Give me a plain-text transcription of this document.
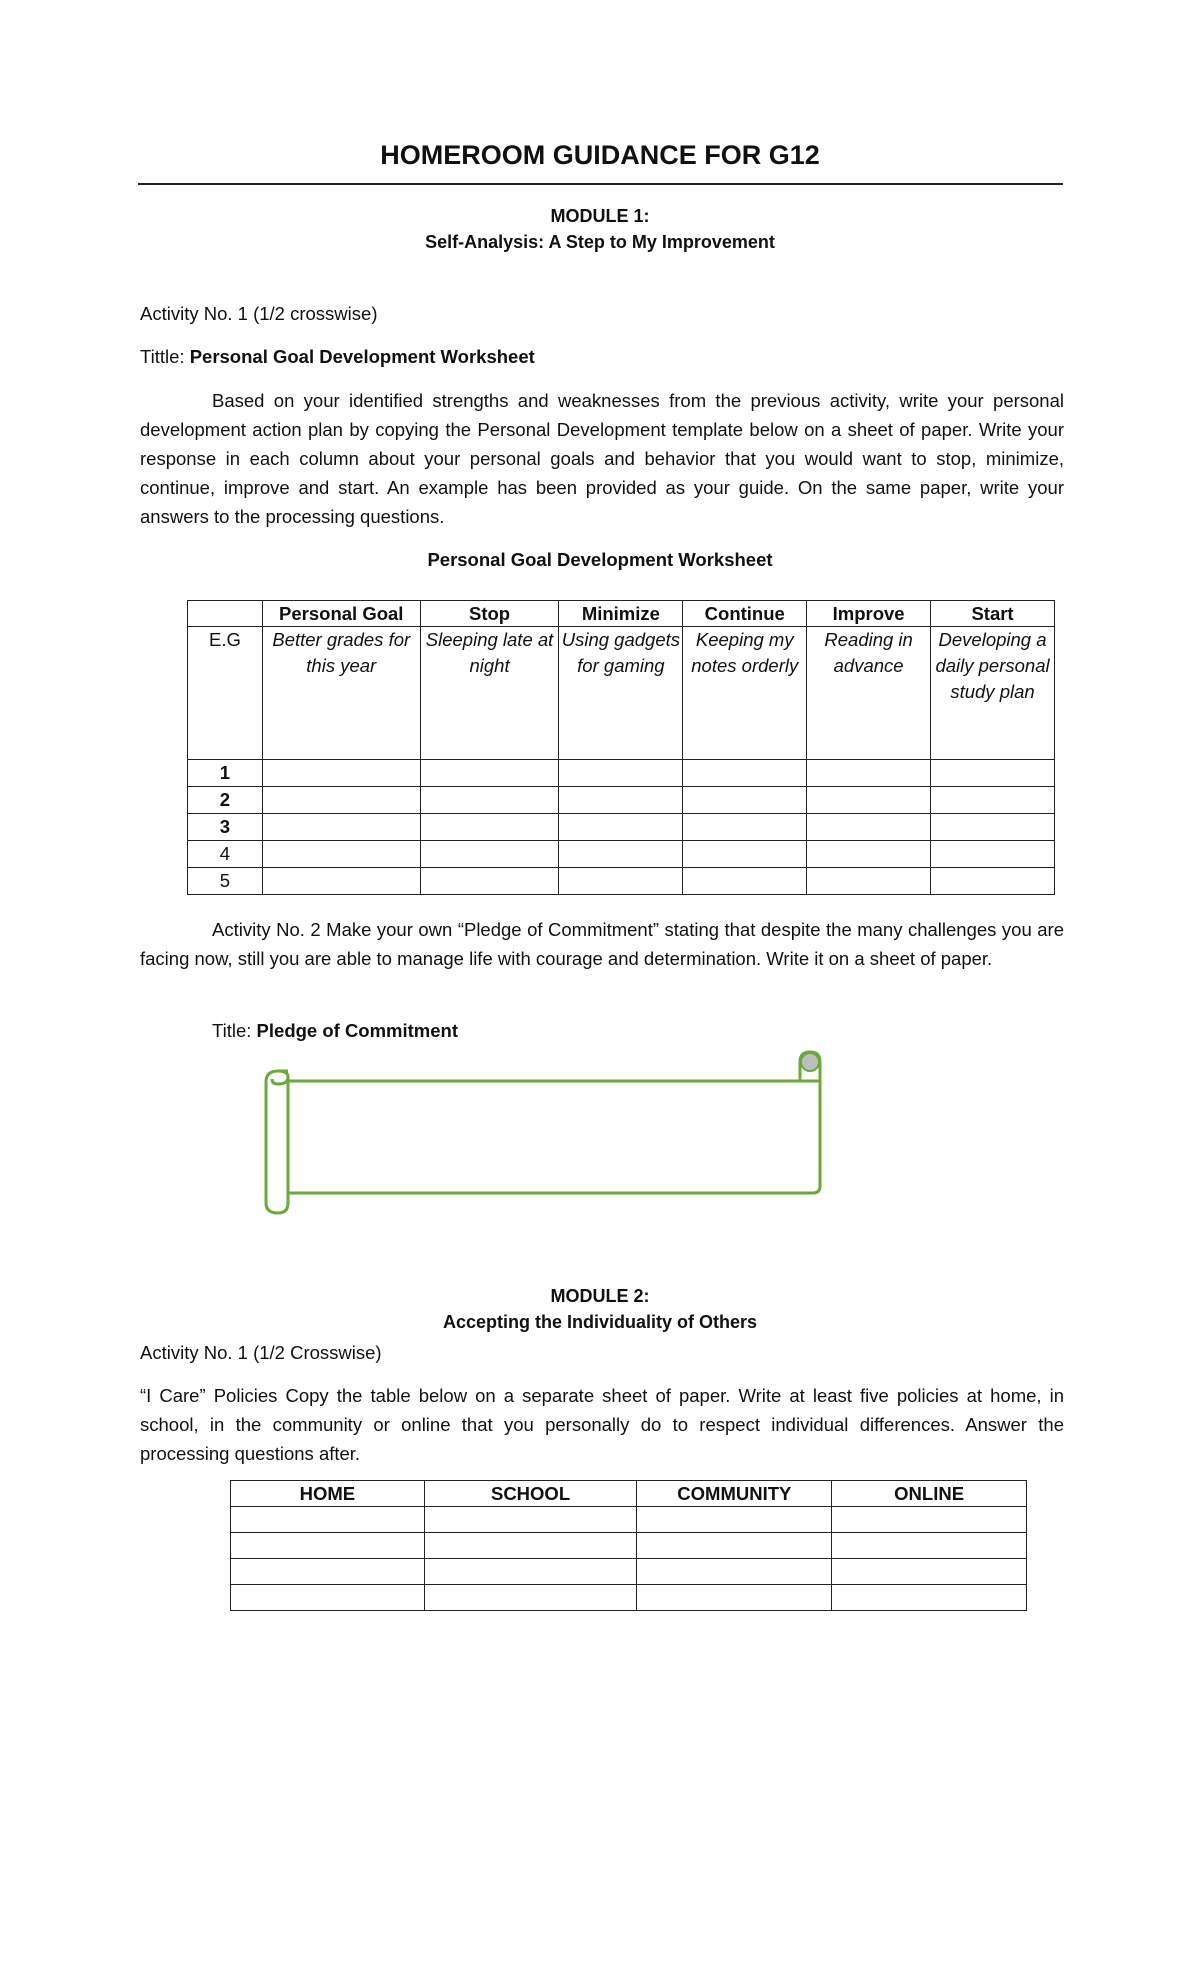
HOMEROOM GUIDANCE FOR G12
MODULE 1:
Self-Analysis: A Step to My Improvement
Activity No. 1 (1/2 crosswise)
Tittle: Personal Goal Development Worksheet
Based on your identified strengths and weaknesses from the previous activity, write your personal development action plan by copying the Personal Development template below on a sheet of paper. Write your response in each column about your personal goals and behavior that you would want to stop, minimize, continue, improve and start. An example has been provided as your guide. On the same paper, write your answers to the processing questions.
Personal Goal Development Worksheet
	Personal Goal	Stop	Minimize	Continue	Improve	Start
E.G	Better grades for this year	Sleeping late at night	Using gadgets for gaming	Keeping my notes orderly	Reading in advance	Developing a daily personal study plan
1						
2						
3						
4						
5						
Activity No. 2 Make your own “Pledge of Commitment” stating that despite the many challenges you are facing now, still you are able to manage life with courage and determination. Write it on a sheet of paper.
Title: Pledge of Commitment
MODULE 2:
Accepting the Individuality of Others
Activity No. 1 (1/2 Crosswise)
“I Care” Policies Copy the table below on a separate sheet of paper. Write at least five policies at home, in school, in the community or online that you personally do to respect individual differences. Answer the processing questions after.
HOME	SCHOOL	COMMUNITY	ONLINE
